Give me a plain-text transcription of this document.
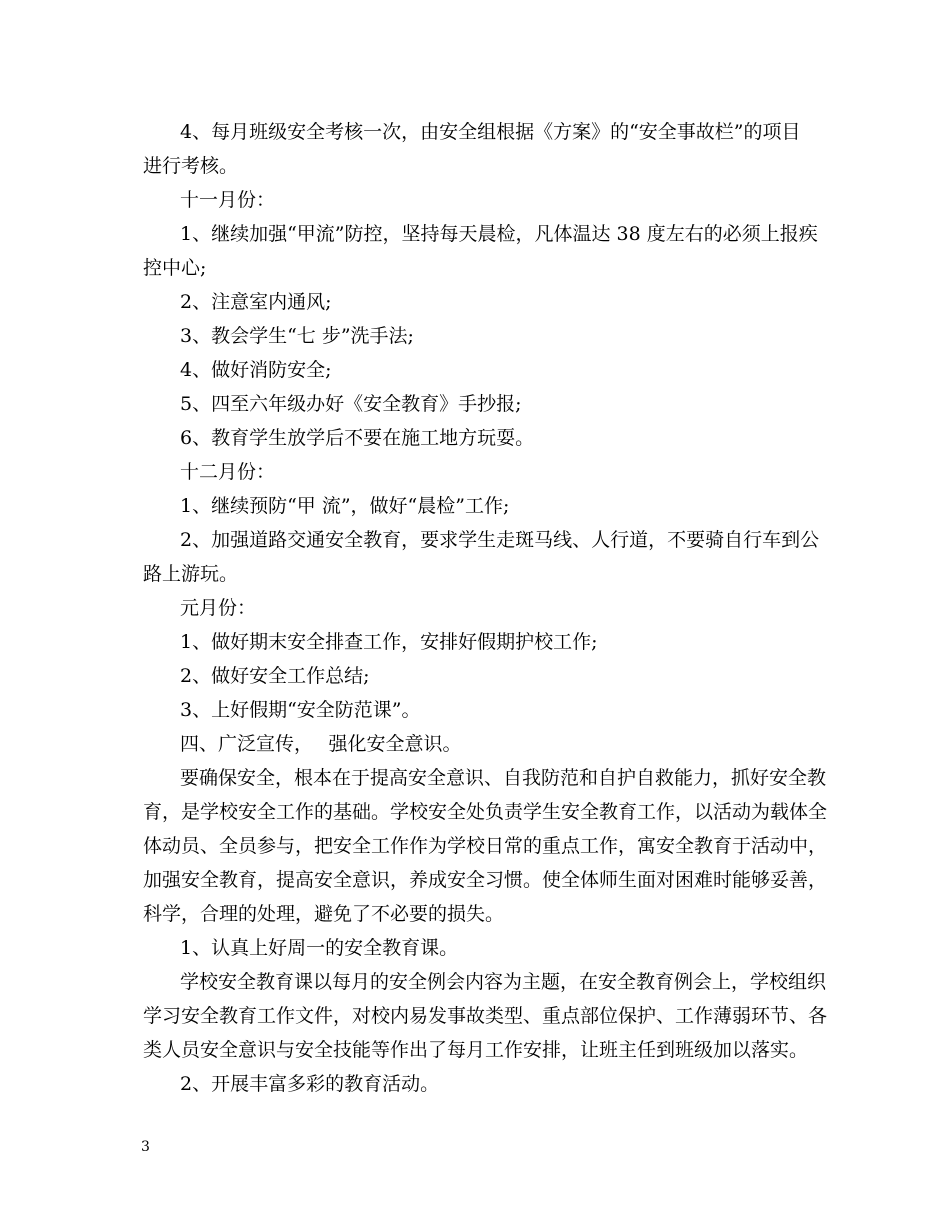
4、每月班级安全考核一次，由安全组根据《方案》的“安全事故栏”的项目

进行考核。

十一月份：

1、继续加强“甲流”防控，坚持每天晨检，凡体温达 38 度左右的必须上报疾

控中心;

2、注意室内通风;

3、教会学生“七 步”洗手法;

4、做好消防安全;

5、四至六年级办好《安全教育》手抄报;

6、教育学生放学后不要在施工地方玩耍。

十二月份：

1、继续预防“甲 流”，做好“晨检”工作;

2、加强道路交通安全教育，要求学生走斑马线、人行道，不要骑自行车到公

路上游玩。

元月份：

1、做好期末安全排查工作，安排好假期护校工作;

2、做好安全工作总结;

3、上好假期“安全防范课”。

四、广泛宣传，　 强化安全意识。

要确保安全，根本在于提高安全意识、自我防范和自护自救能力，抓好安全教

育，是学校安全工作的基础。学校安全处负责学生安全教育工作，以活动为载体全

体动员、全员参与，把安全工作作为学校日常的重点工作，寓安全教育于活动中，

加强安全教育，提高安全意识，养成安全习惯。使全体师生面对困难时能够妥善，

科学，合理的处理，避免了不必要的损失。

1、认真上好周一的安全教育课。

学校安全教育课以每月的安全例会内容为主题，在安全教育例会上，学校组织

学习安全教育工作文件，对校内易发事故类型、重点部位保护、工作薄弱环节、各

类人员安全意识与安全技能等作出了每月工作安排，让班主任到班级加以落实。

2、开展丰富多彩的教育活动。

3
